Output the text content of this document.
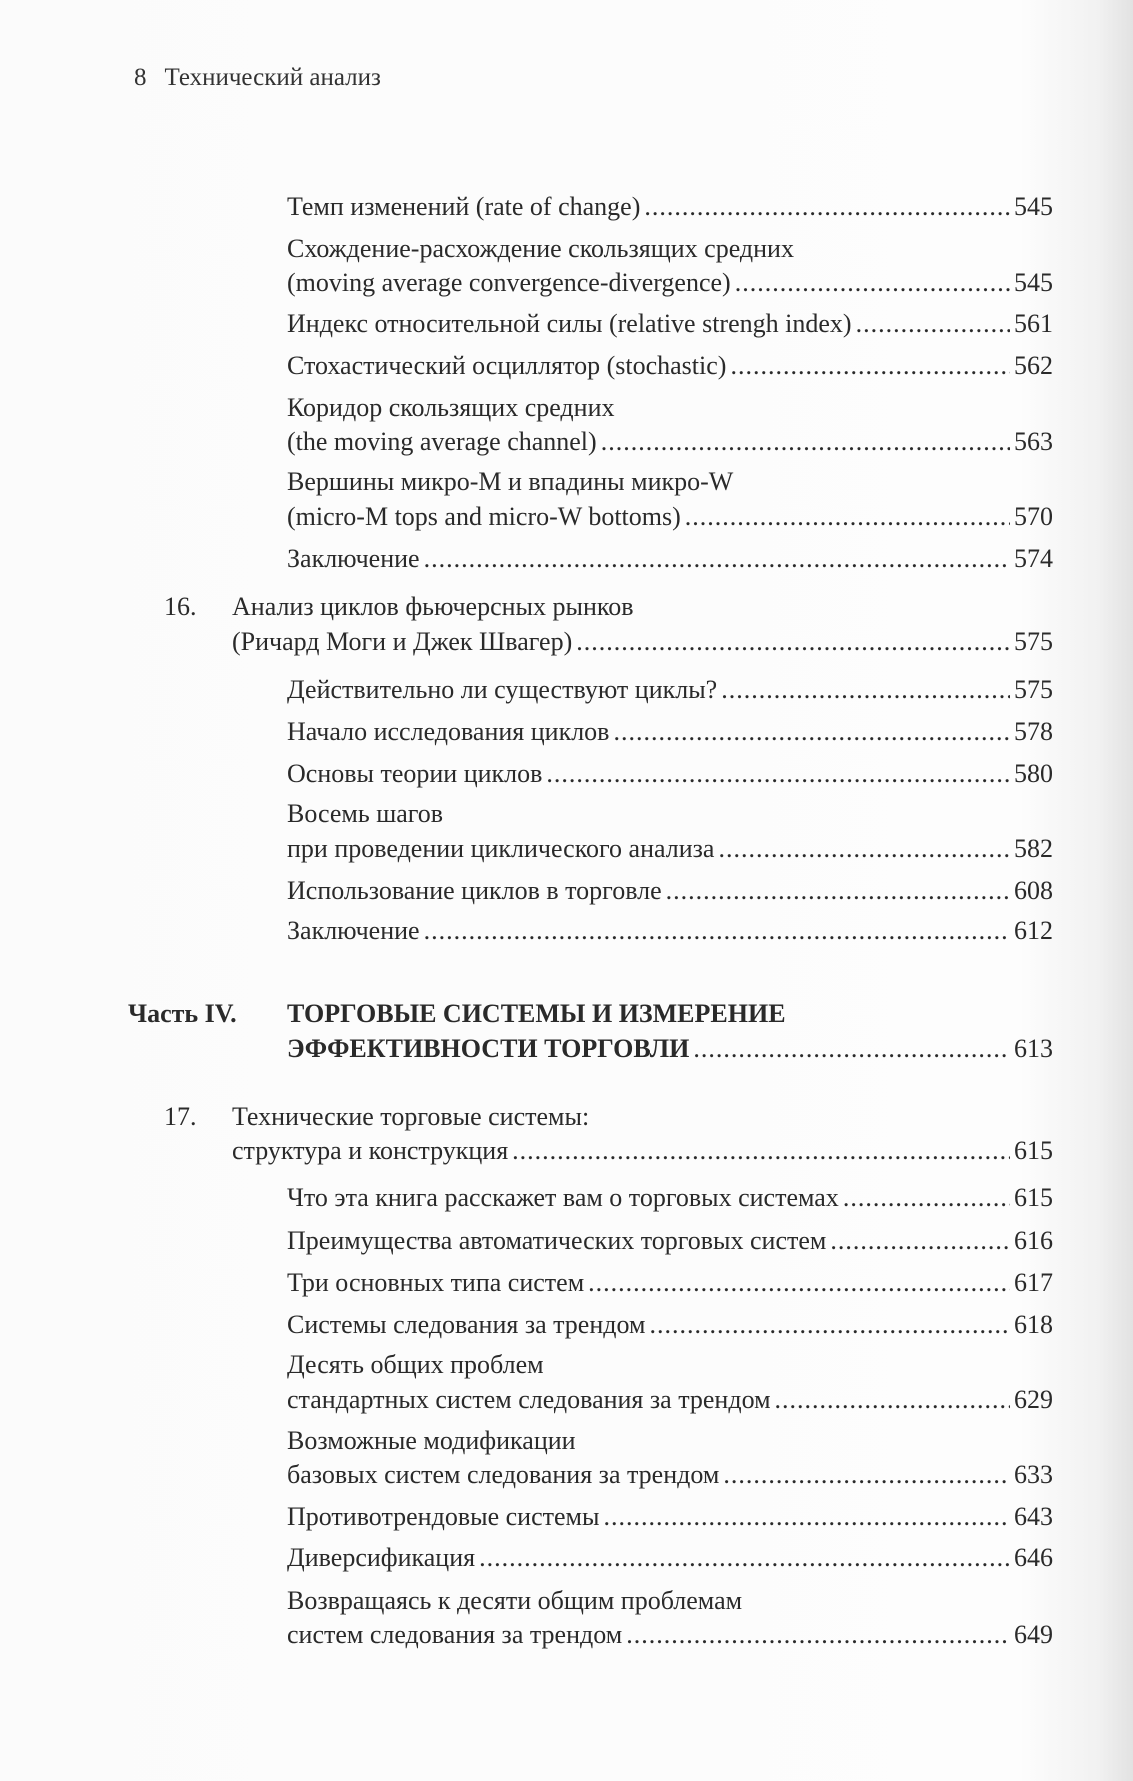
8 Технический анализ
Темп изменений (rate of change) .....	545
Схождение-расхождение скользящих средних
(moving average convergence-divergence) .....	545
Индекс относительной силы (relative strengh index) .....	561
Стохастический осциллятор (stochastic) .....	562
Коридор скользящих средних
(the moving average channel) .....	563
Вершины микро-M и впадины микро-W
(micro-M tops and micro-W bottoms) .....	570
Заключение .....	574
16. Анализ циклов фьючерсных рынков
(Ричард Моги и Джек Швагер) .....	575
Действительно ли существуют циклы? .....	575
Начало исследования циклов .....	578
Основы теории циклов .....	580
Восемь шагов
при проведении циклического анализа .....	582
Использование циклов в торговле .....	608
Заключение .....	612
Часть IV. ТОРГОВЫЕ СИСТЕМЫ И ИЗМЕРЕНИЕ
ЭФФЕКТИВНОСТИ ТОРГОВЛИ .....	613
17. Технические торговые системы:
структура и конструкция .....	615
Что эта книга расскажет вам о торговых системах .....	615
Преимущества автоматических торговых систем .....	616
Три основных типа систем .....	617
Системы следования за трендом .....	618
Десять общих проблем
стандартных систем следования за трендом .....	629
Возможные модификации
базовых систем следования за трендом .....	633
Противотрендовые системы .....	643
Диверсификация .....	646
Возвращаясь к десяти общим проблемам
систем следования за трендом .....	649
